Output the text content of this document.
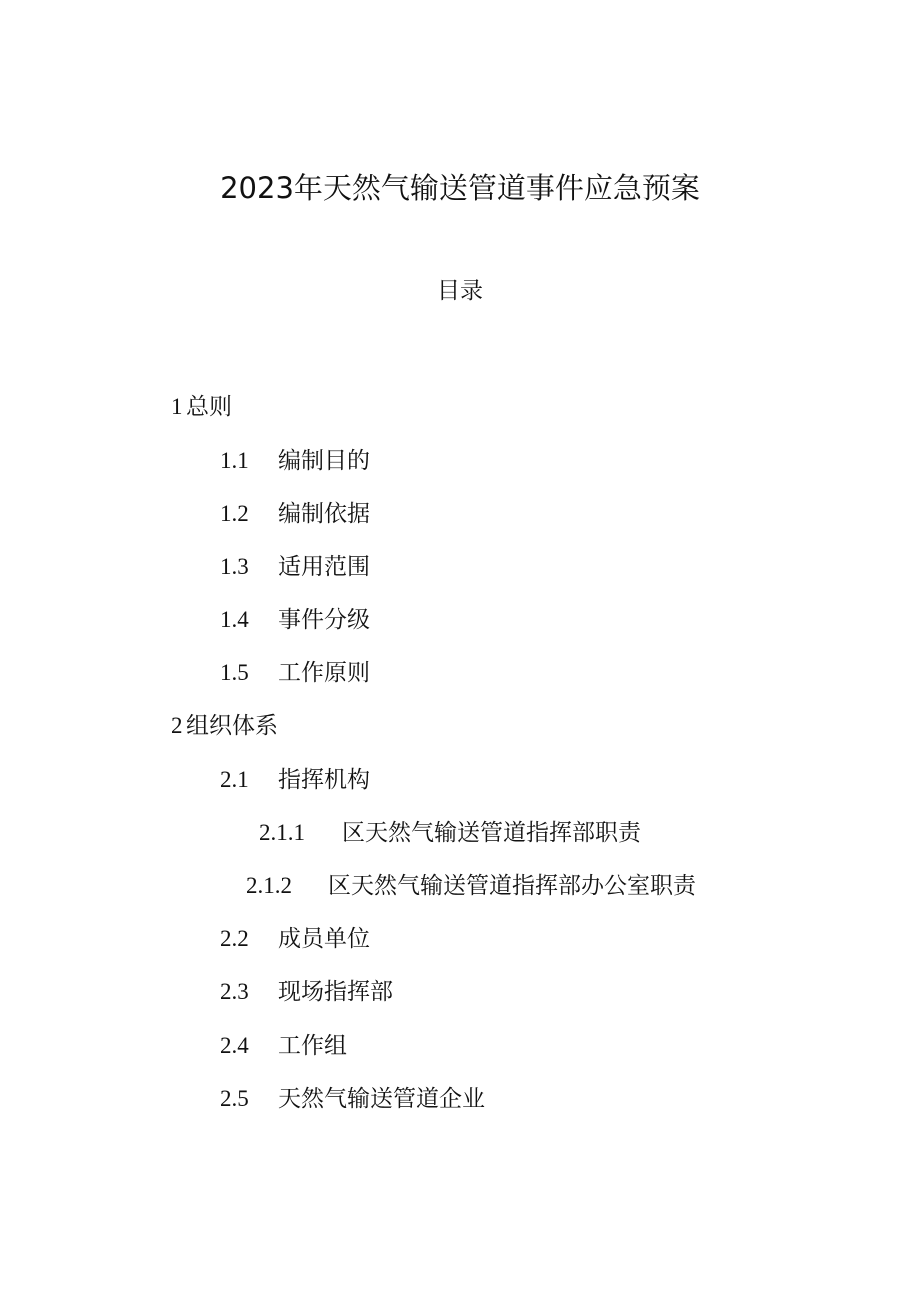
2023年天然气输送管道事件应急预案
目录
1 总则
1.1 编制目的
1.2 编制依据
1.3 适用范围
1.4 事件分级
1.5 工作原则
2 组织体系
2.1 指挥机构
2.1.1 区天然气输送管道指挥部职责
2.1.2 区天然气输送管道指挥部办公室职责
2.2 成员单位
2.3 现场指挥部
2.4 工作组
2.5 天然气输送管道企业
